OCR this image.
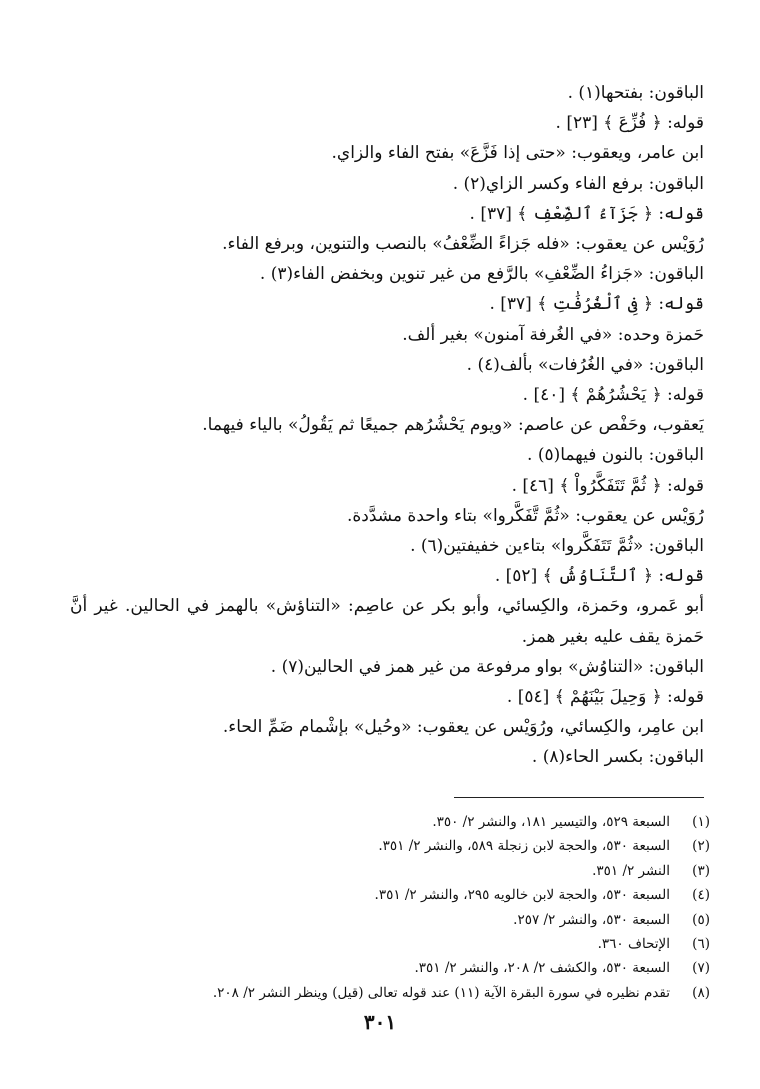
الباقون: بفتحها(١) .
قوله: ﴿ فُزِّعَ ﴾ [٢٣] .
ابن عامر، ويعقوب: «حتى إذا فَزَّعَ» بفتح الفاء والزاي.
الباقون: برفع الفاء وكسر الزاي(٢) .
قوله: ﴿ جَزَآءُ ٱلضِّعْفِ ﴾ [٣٧] .
رُوَيْس عن يعقوب: «فله جَزاءً الضِّعْفُ» بالنصب والتنوين، وبرفع الفاء.
الباقون: «جَزاءُ الضِّعْفِ» بالرَّفع من غير تنوين وبخفض الفاء(٣) .
قوله: ﴿ فِى ٱلْغُرُفَٰتِ ﴾ [٣٧] .
حَمزة وحده: «في الغُرفة آمنون» بغير ألف.
الباقون: «في الغُرُفات» بألف(٤) .
قوله: ﴿ يَحْشُرُهُمْ ﴾ [٤٠] .
يَعقوب، وحَفْص عن عاصم: «ويوم يَحْشُرُهم جميعًا ثم يَقُولُ» بالياء فيهما.
الباقون: بالنون فيهما(٥) .
قوله: ﴿ ثُمَّ تَتَفَكَّرُواْ ﴾ [٤٦] .
رُوَيْس عن يعقوب: «ثُمَّ تَّفَكَّروا» بتاء واحدة مشدَّدة.
الباقون: «ثُمَّ تَتَفَكَّروا» بتاءين خفيفتين(٦) .
قوله: ﴿ ٱلتَّنَاوُشُ ﴾ [٥٢] .
أبو عَمرو، وحَمزة، والكِسائي، وأبو بكر عن عاصِم: «التناؤش» بالهمز في الحالين. غير أنَّ حَمزة يقف عليه بغير همز.
الباقون: «التناوُش» بواو مرفوعة من غير همز في الحالين(٧) .
قوله: ﴿ وَحِيلَ بَيْنَهُمْ ﴾ [٥٤] .
ابن عامِر، والكِسائي، ورُوَيْس عن يعقوب: «وحُيل» بإشْمام ضَمِّ الحاء.
الباقون: بكسر الحاء(٨) .
(١)
السبعة ٥٢٩، والتيسير ١٨١، والنشر ٢/ ٣٥٠.
(٢)
السبعة ٥٣٠، والحجة لابن زنجلة ٥٨٩، والنشر ٢/ ٣٥١.
(٣)
النشر ٢/ ٣٥١.
(٤)
السبعة ٥٣٠، والحجة لابن خالويه ٢٩٥، والنشر ٢/ ٣٥١.
(٥)
السبعة ٥٣٠، والنشر ٢/ ٢٥٧.
(٦)
الإتحاف ٣٦٠.
(٧)
السبعة ٥٣٠، والكشف ٢/ ٢٠٨، والنشر ٢/ ٣٥١.
(٨)
تقدم نظيره في سورة البقرة الآية (١١) عند قوله تعالى (قيل) وينظر النشر ٢/ ٢٠٨.
٣٠١
